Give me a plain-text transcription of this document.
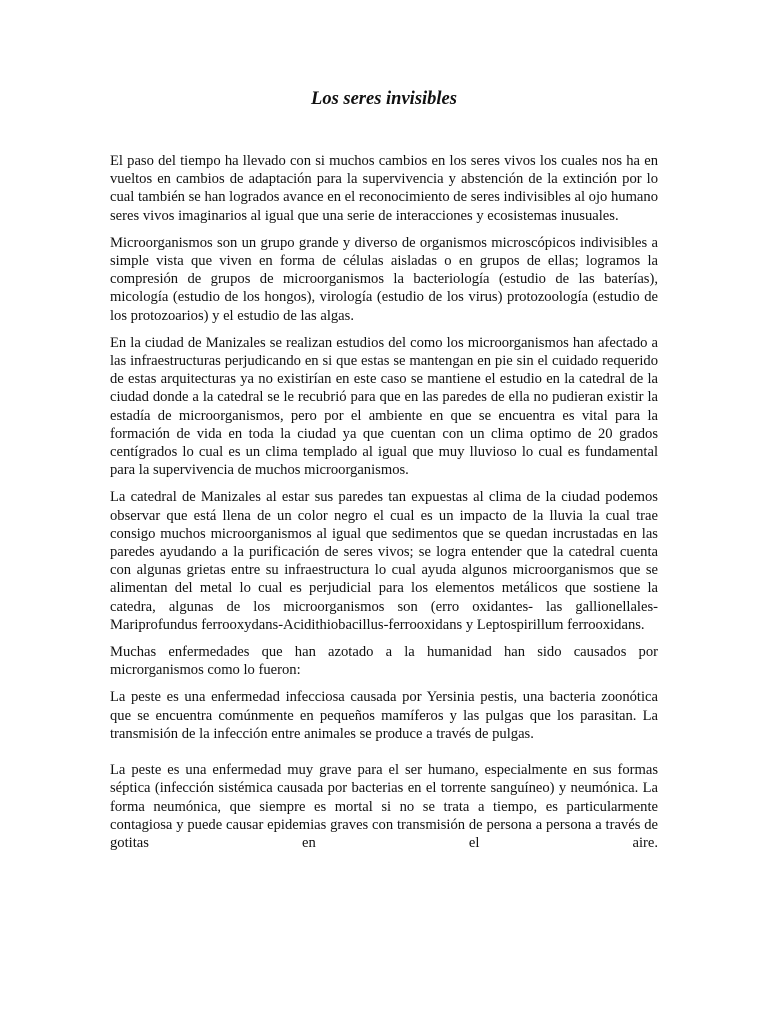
Los seres invisibles

El paso del tiempo ha llevado con si muchos cambios en los seres vivos los cuales nos ha en vueltos en cambios de adaptación para la supervivencia y abstención de la extinción por lo cual también se han logrados avance en el reconocimiento de seres indivisibles al ojo humano seres vivos imaginarios al igual que una serie de interacciones y ecosistemas inusuales.

Microorganismos son un grupo grande y diverso de organismos microscópicos indivisibles a simple vista que viven en forma de células aisladas o en grupos de ellas; logramos la compresión de grupos de microorganismos la bacteriología (estudio de las baterías), micología (estudio de los hongos), virología (estudio de los virus) protozoología (estudio de los protozoarios) y el estudio de las algas.

En la ciudad de Manizales se realizan estudios del como los microorganismos han afectado a las infraestructuras perjudicando en si que estas se mantengan en pie sin el cuidado requerido de estas arquitecturas ya no existirían en este caso se mantiene el estudio en la catedral de la ciudad donde a la catedral se le recubrió para que en las paredes de ella no pudieran existir la estadía de microorganismos, pero por el ambiente en que se encuentra es vital para la formación de vida en toda la ciudad ya que cuentan con un clima optimo de 20 grados centígrados lo cual es un clima templado al igual que muy lluvioso lo cual es fundamental para la supervivencia de muchos microorganismos.

La catedral de Manizales al estar sus paredes tan expuestas al clima de la ciudad podemos observar que está llena de un color negro el cual es un impacto de la lluvia la cual trae consigo muchos microorganismos al igual que sedimentos que se quedan incrustadas en las paredes ayudando a la purificación de seres vivos; se logra entender que la catedral cuenta con algunas grietas entre su infraestructura lo cual ayuda algunos microorganismos que se alimentan del metal lo cual es perjudicial para los elementos metálicos que sostiene la catedra, algunas de los microorganismos son (erro oxidantes- las gallionellales-Mariprofundus ferrooxydans-Acidithiobacillus-ferrooxidans y Leptospirillum ferrooxidans.

Muchas enfermedades que han azotado a la humanidad han sido causados por microrganismos como lo fueron:

La peste es una enfermedad infecciosa causada por Yersinia pestis, una bacteria zoonótica que se encuentra comúnmente en pequeños mamíferos y las pulgas que los parasitan. La transmisión de la infección entre animales se produce a través de pulgas.

La peste es una enfermedad muy grave para el ser humano, especialmente en sus formas séptica (infección sistémica causada por bacterias en el torrente sanguíneo) y neumónica. La forma neumónica, que siempre es mortal si no se trata a tiempo, es particularmente contagiosa y puede causar epidemias graves con transmisión de persona a persona a través de gotitas en el aire.
